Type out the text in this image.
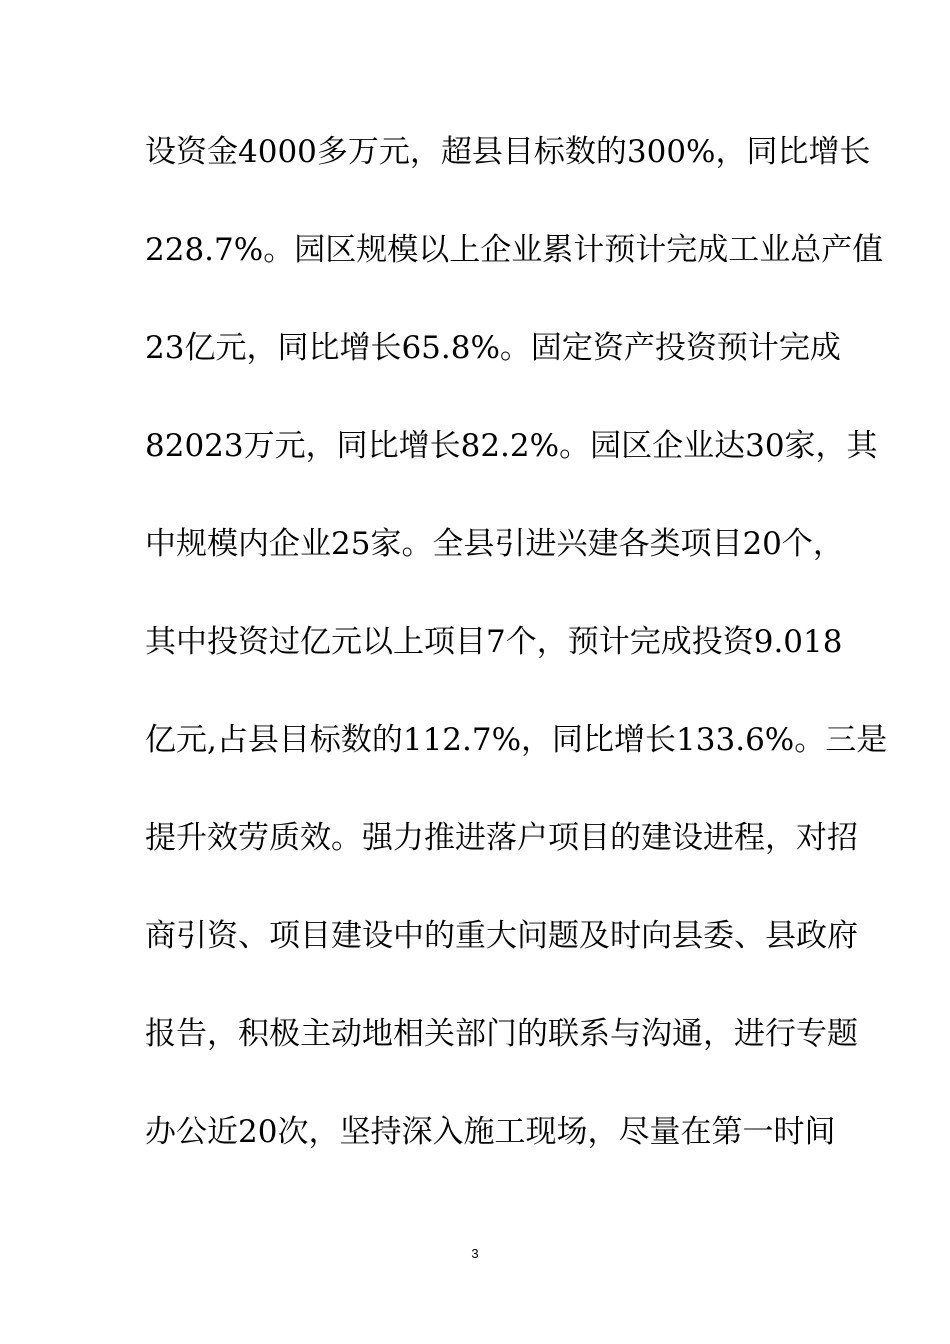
设资金4000多万元，超县目标数的300%，同比增长
228.7%。园区规模以上企业累计预计完成工业总产值
23亿元，同比增长65.8%。固定资产投资预计完成
82023万元，同比增长82.2%。园区企业达30家，其
中规模内企业25家。全县引进兴建各类项目20个，
其中投资过亿元以上项目7个，预计完成投资9.018
亿元,占县目标数的112.7%，同比增长133.6%。三是
提升效劳质效。强力推进落户项目的建设进程，对招
商引资、项目建设中的重大问题及时向县委、县政府
报告，积极主动地相关部门的联系与沟通，进行专题
办公近20次，坚持深入施工现场，尽量在第一时间
3
